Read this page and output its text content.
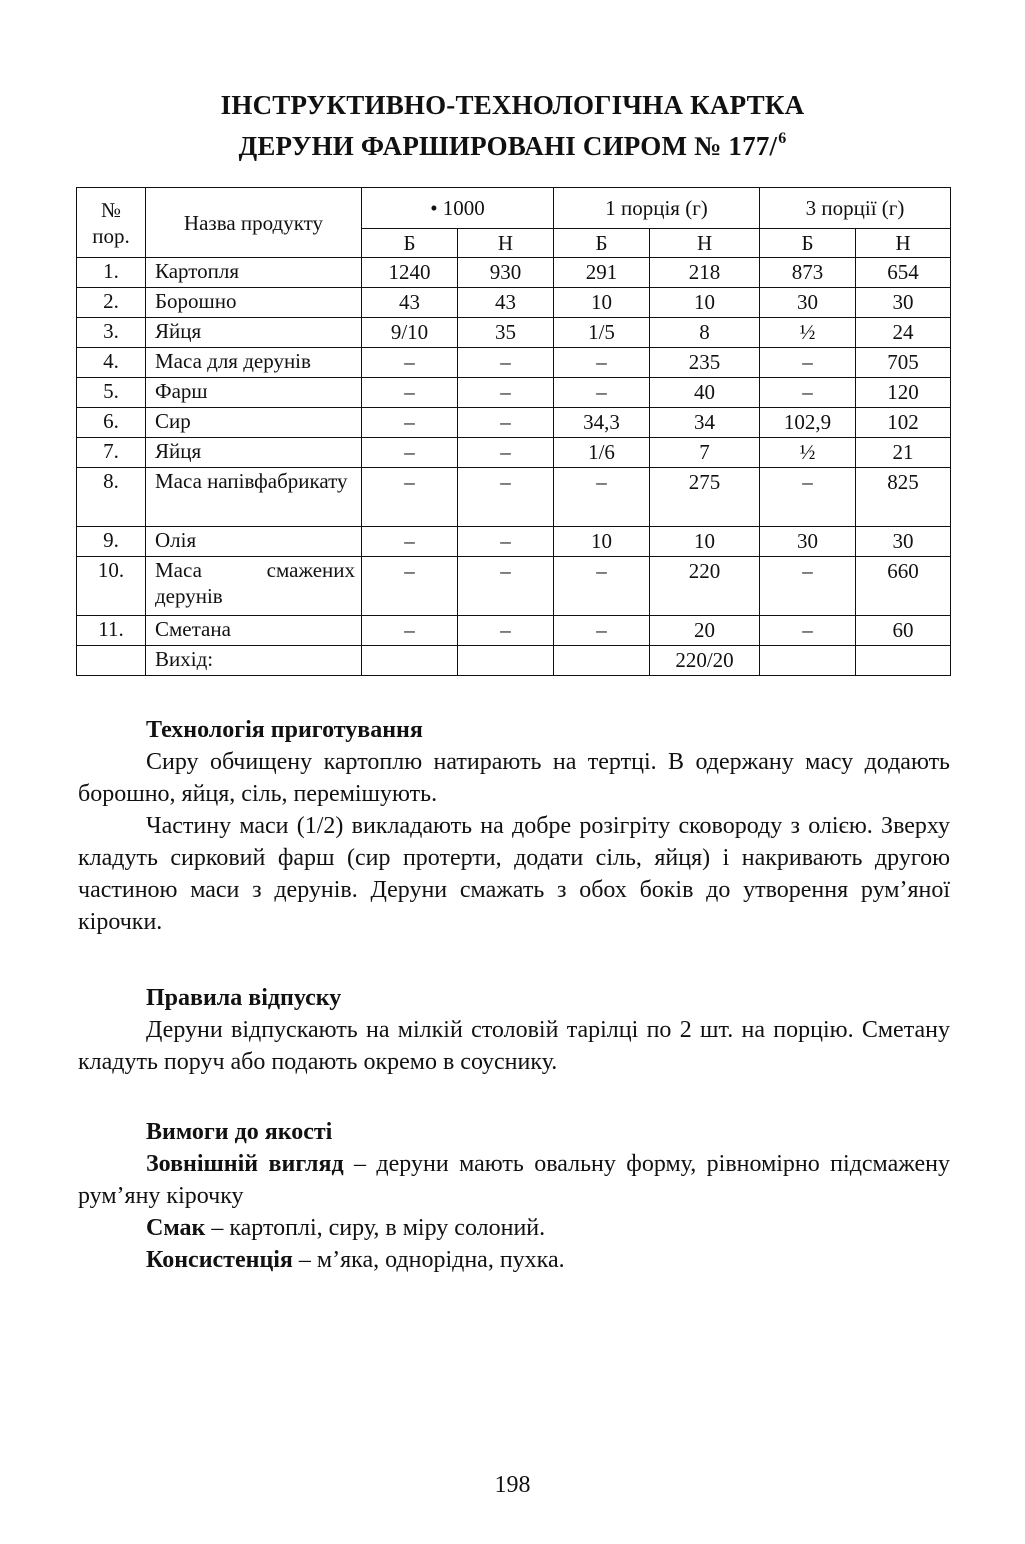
ІНСТРУКТИВНО-ТЕХНОЛОГІЧНА КАРТКА
ДЕРУНИ ФАРШИРОВАНІ СИРОМ № 177/$^6$
№ пор.	Назва продукту	• 1000		1 порція (г)		3 порції (г)	
		Б	Н	Б	Н	Б	Н
1.	Картопля	1240	930	291	218	873	654
2.	Борошно	43	43	10	10	30	30
3.	Яйця	9/10	35	1/5	8	½	24
4.	Маса для дерунів	–	–	–	235	–	705
5.	Фарш	–	–	–	40	–	120
6.	Сир	–	–	34,3	34	102,9	102
7.	Яйця	–	–	1/6	7	½	21
8.	Маса напівфабрикату	–	–	–	275	–	825
9.	Олія	–	–	10	10	30	30
10.	Маса смажених дерунів	–	–	–	220	–	660
11.	Сметана	–	–	–	20	–	60
	Вихід:				220/20		
Технологія приготування

Сиру обчищену картоплю натирають на тертці. В одержану масу додають борошно, яйця, сіль, перемішують.

Частину маси (1/2) викладають на добре розігріту сковороду з олією. Зверху кладуть сирковий фарш (сир протерти, додати сіль, яйця) і накривають другою частиною маси з дерунів. Деруни смажать з обох боків до утворення рум’яної кірочки.

Правила відпуску

Деруни відпускають на мілкій столовій тарілці по 2 шт. на порцію. Сметану кладуть поруч або подають окремо в соуснику.

Вимоги до якості

Зовнішній вигляд – деруни мають овальну форму, рівномірно підсмажену рум’яну кірочку

Смак – картоплі, сиру, в міру солоний.

Консистенція – м’яка, однорідна, пухка.

198
